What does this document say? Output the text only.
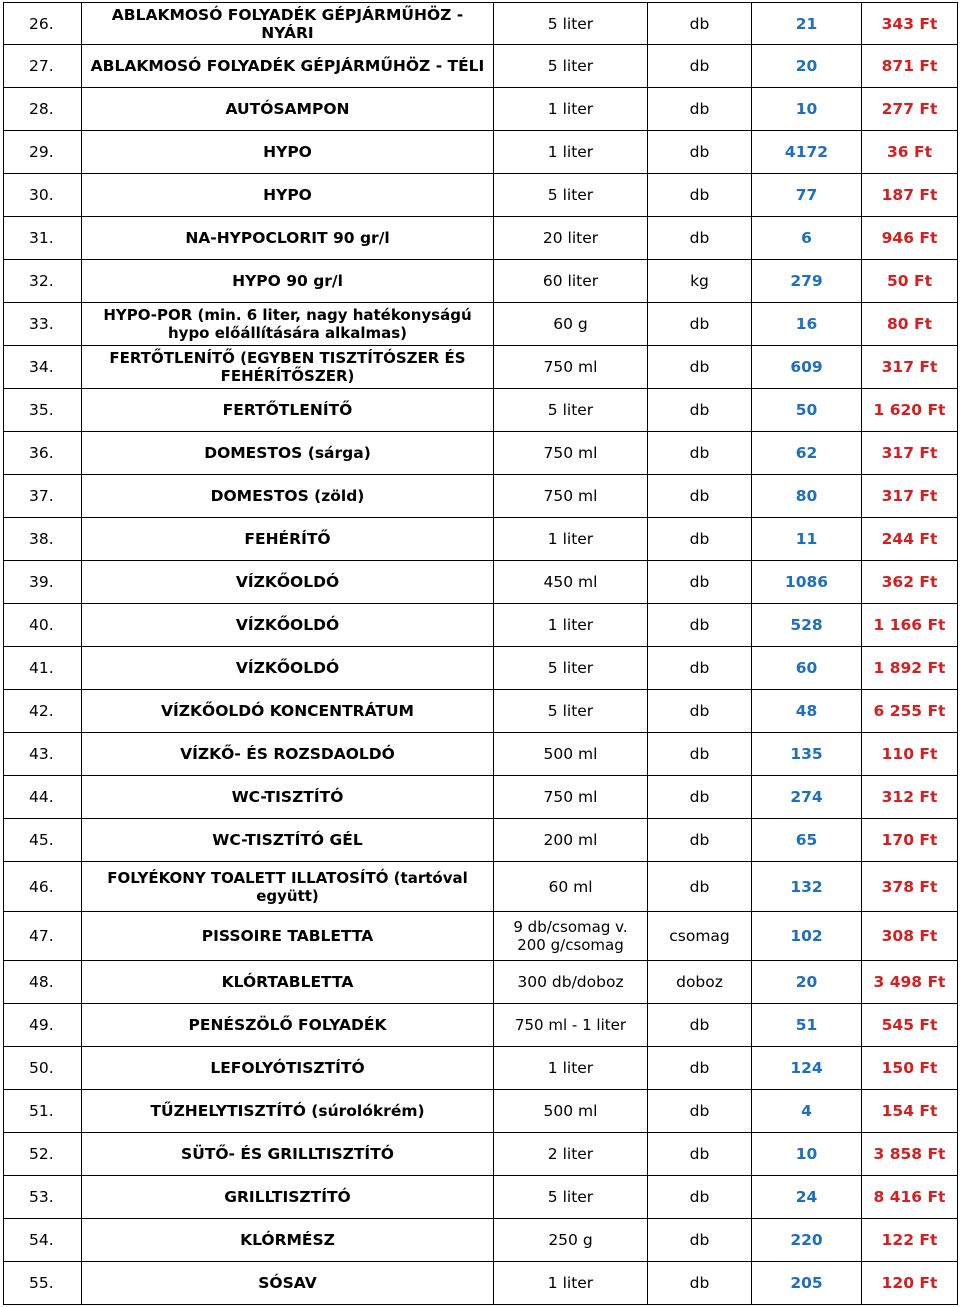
26.	ABLAKMOSÓ FOLYADÉK GÉPJÁRMŰHÖZ - NYÁRI	5 liter	db	21	343 Ft
27.	ABLAKMOSÓ FOLYADÉK GÉPJÁRMŰHÖZ - TÉLI	5 liter	db	20	871 Ft
28.	AUTÓSAMPON	1 liter	db	10	277 Ft
29.	HYPO	1 liter	db	4172	36 Ft
30.	HYPO	5 liter	db	77	187 Ft
31.	NA-HYPOCLORIT 90 gr/l	20 liter	db	6	946 Ft
32.	HYPO 90 gr/l	60 liter	kg	279	50 Ft
33.	HYPO-POR (min. 6 liter, nagy hatékonyságú hypo előállítására alkalmas)	60 g	db	16	80 Ft
34.	FERTŐTLENÍTŐ (EGYBEN TISZTÍTÓSZER ÉS FEHÉRÍTŐSZER)	750 ml	db	609	317 Ft
35.	FERTŐTLENÍTŐ	5 liter	db	50	1 620 Ft
36.	DOMESTOS (sárga)	750 ml	db	62	317 Ft
37.	DOMESTOS (zöld)	750 ml	db	80	317 Ft
38.	FEHÉRÍTŐ	1 liter	db	11	244 Ft
39.	VÍZKŐOLDÓ	450 ml	db	1086	362 Ft
40.	VÍZKŐOLDÓ	1 liter	db	528	1 166 Ft
41.	VÍZKŐOLDÓ	5 liter	db	60	1 892 Ft
42.	VÍZKŐOLDÓ KONCENTRÁTUM	5 liter	db	48	6 255 Ft
43.	VÍZKŐ- ÉS ROZSDAOLDÓ	500 ml	db	135	110 Ft
44.	WC-TISZTÍTÓ	750 ml	db	274	312 Ft
45.	WC-TISZTÍTÓ GÉL	200 ml	db	65	170 Ft
46.	FOLYÉKONY TOALETT ILLATOSÍTÓ (tartóval együtt)	60 ml	db	132	378 Ft
47.	PISSOIRE TABLETTA	9 db/csomag v. 200 g/csomag	csomag	102	308 Ft
48.	KLÓRTABLETTA	300 db/doboz	doboz	20	3 498 Ft
49.	PENÉSZÖLŐ FOLYADÉK	750 ml - 1 liter	db	51	545 Ft
50.	LEFOLYÓTISZTÍTÓ	1 liter	db	124	150 Ft
51.	TŰZHELYTISZTÍTÓ (súrolókrém)	500 ml	db	4	154 Ft
52.	SÜTŐ- ÉS GRILLTISZTÍTÓ	2 liter	db	10	3 858 Ft
53.	GRILLTISZTÍTÓ	5 liter	db	24	8 416 Ft
54.	KLÓRMÉSZ	250 g	db	220	122 Ft
55.	SÓSAV	1 liter	db	205	120 Ft
